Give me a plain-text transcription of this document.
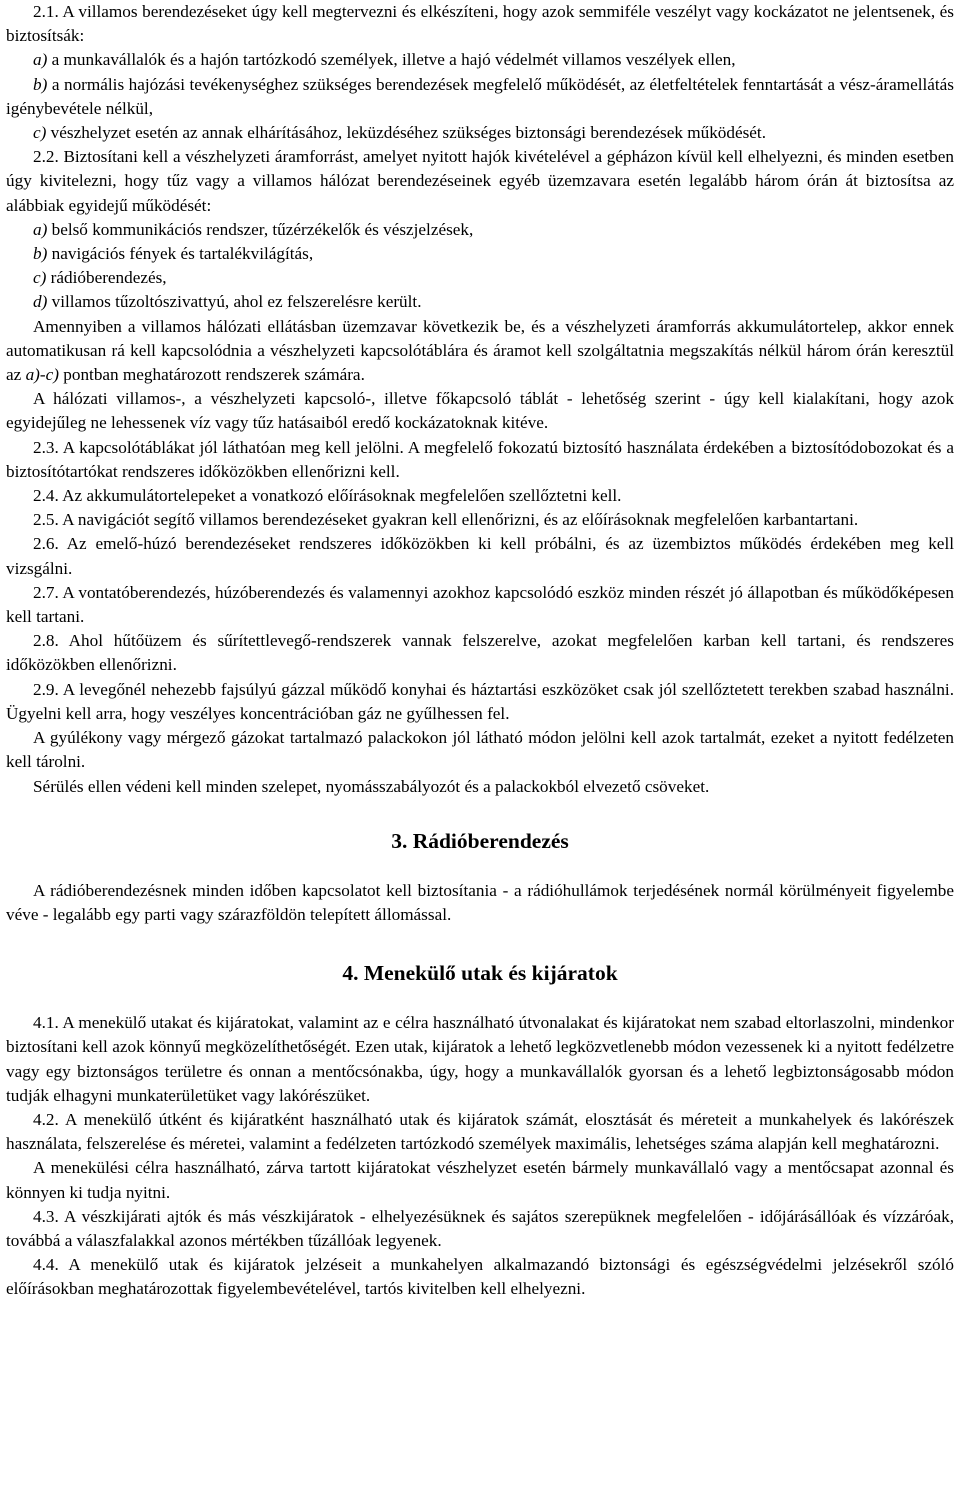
2.1. A villamos berendezéseket úgy kell megtervezni és elkészíteni, hogy azok semmiféle veszélyt vagy kockázatot ne jelentsenek, és biztosítsák:

a) a munkavállalók és a hajón tartózkodó személyek, illetve a hajó védelmét villamos veszélyek ellen,

b) a normális hajózási tevékenységhez szükséges berendezések megfelelő működését, az életfeltételek fenntartását a vész-áramellátás igénybevétele nélkül,

c) vészhelyzet esetén az annak elhárításához, leküzdéséhez szükséges biztonsági berendezések működését.

2.2. Biztosítani kell a vészhelyzeti áramforrást, amelyet nyitott hajók kivételével a gépházon kívül kell elhelyezni, és minden esetben úgy kivitelezni, hogy tűz vagy a villamos hálózat berendezéseinek egyéb üzemzavara esetén legalább három órán át biztosítsa az alábbiak egyidejű működését:

a) belső kommunikációs rendszer, tűzérzékelők és vészjelzések,

b) navigációs fények és tartalékvilágítás,

c) rádióberendezés,

d) villamos tűzoltószivattyú, ahol ez felszerelésre került.

Amennyiben a villamos hálózati ellátásban üzemzavar következik be, és a vészhelyzeti áramforrás akkumulátortelep, akkor ennek automatikusan rá kell kapcsolódnia a vészhelyzeti kapcsolótáblára és áramot kell szolgáltatnia megszakítás nélkül három órán keresztül az a)-c) pontban meghatározott rendszerek számára.

A hálózati villamos-, a vészhelyzeti kapcsoló-, illetve főkapcsoló táblát - lehetőség szerint - úgy kell kialakítani, hogy azok egyidejűleg ne lehessenek víz vagy tűz hatásaiból eredő kockázatoknak kitéve.

2.3. A kapcsolótáblákat jól láthatóan meg kell jelölni. A megfelelő fokozatú biztosító használata érdekében a biztosítódobozokat és a biztosítótartókat rendszeres időközökben ellenőrizni kell.

2.4. Az akkumulátortelepeket a vonatkozó előírásoknak megfelelően szellőztetni kell.

2.5. A navigációt segítő villamos berendezéseket gyakran kell ellenőrizni, és az előírásoknak megfelelően karbantartani.

2.6. Az emelő-húzó berendezéseket rendszeres időközökben ki kell próbálni, és az üzembiztos működés érdekében meg kell vizsgálni.

2.7. A vontatóberendezés, húzóberendezés és valamennyi azokhoz kapcsolódó eszköz minden részét jó állapotban és működőképesen kell tartani.

2.8. Ahol hűtőüzem és sűrítettlevegő-rendszerek vannak felszerelve, azokat megfelelően karban kell tartani, és rendszeres időközökben ellenőrizni.

2.9. A levegőnél nehezebb fajsúlyú gázzal működő konyhai és háztartási eszközöket csak jól szellőztetett terekben szabad használni. Ügyelni kell arra, hogy veszélyes koncentrációban gáz ne gyűlhessen fel.

A gyúlékony vagy mérgező gázokat tartalmazó palackokon jól látható módon jelölni kell azok tartalmát, ezeket a nyitott fedélzeten kell tárolni.

Sérülés ellen védeni kell minden szelepet, nyomásszabályozót és a palackokból elvezető csöveket.

3. Rádióberendezés

A rádióberendezésnek minden időben kapcsolatot kell biztosítania - a rádióhullámok terjedésének normál körülményeit figyelembe véve - legalább egy parti vagy szárazföldön telepített állomással.

4. Menekülő utak és kijáratok

4.1. A menekülő utakat és kijáratokat, valamint az e célra használható útvonalakat és kijáratokat nem szabad eltorlaszolni, mindenkor biztosítani kell azok könnyű megközelíthetőségét. Ezen utak, kijáratok a lehető legközvetlenebb módon vezessenek ki a nyitott fedélzetre vagy egy biztonságos területre és onnan a mentőcsónakba, úgy, hogy a munkavállalók gyorsan és a lehető legbiztonságosabb módon tudják elhagyni munkaterületüket vagy lakórészüket.

4.2. A menekülő útként és kijáratként használható utak és kijáratok számát, elosztását és méreteit a munkahelyek és lakórészek használata, felszerelése és méretei, valamint a fedélzeten tartózkodó személyek maximális, lehetséges száma alapján kell meghatározni.

A menekülési célra használható, zárva tartott kijáratokat vészhelyzet esetén bármely munkavállaló vagy a mentőcsapat azonnal és könnyen ki tudja nyitni.

4.3. A vészkijárati ajtók és más vészkijáratok - elhelyezésüknek és sajátos szerepüknek megfelelően - időjárásállóak és vízzáróak, továbbá a válaszfalakkal azonos mértékben tűzállóak legyenek.

4.4. A menekülő utak és kijáratok jelzéseit a munkahelyen alkalmazandó biztonsági és egészségvédelmi jelzésekről szóló előírásokban meghatározottak figyelembevételével, tartós kivitelben kell elhelyezni.
